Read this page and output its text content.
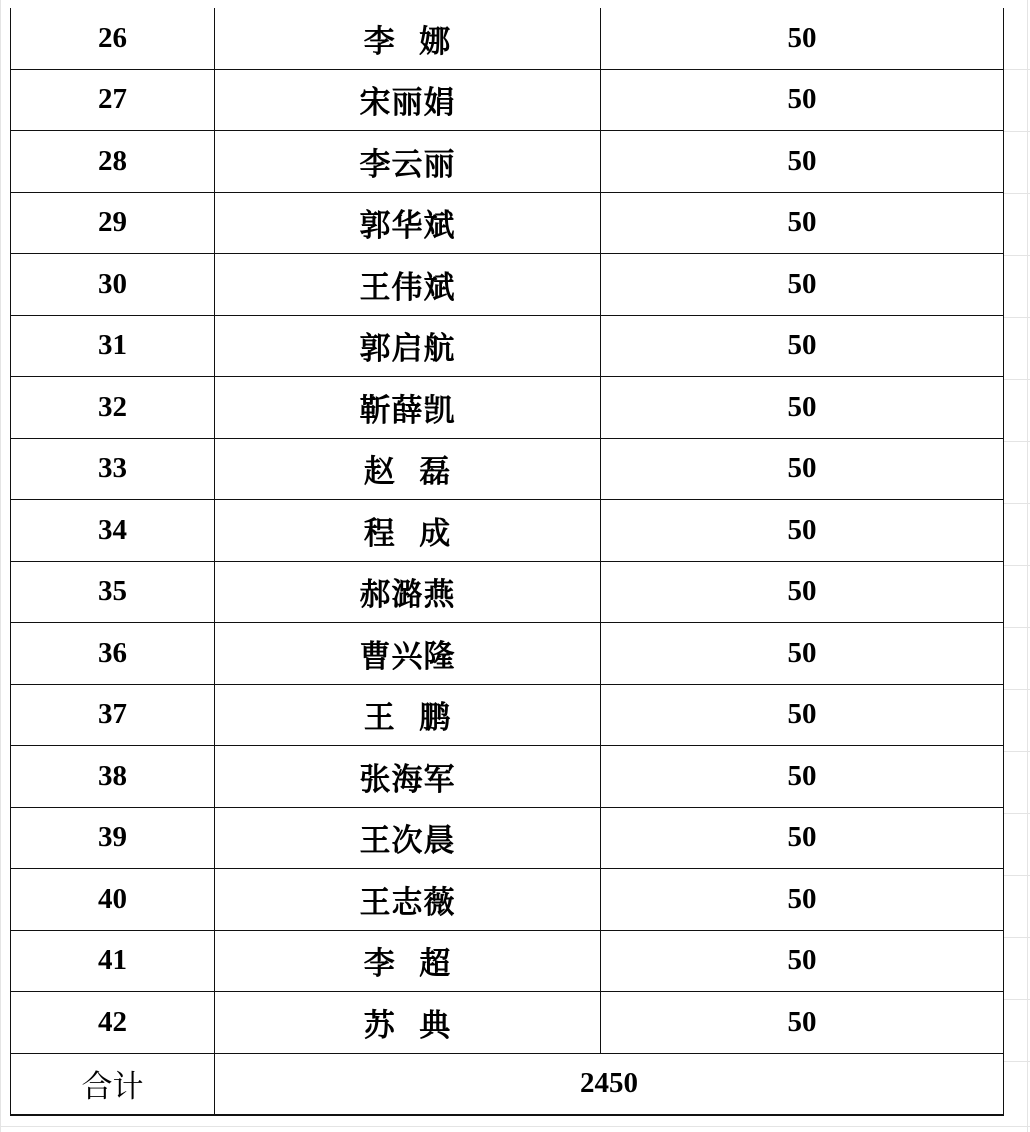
26	李  娜	50
27	宋丽娟	50
28	李云丽	50
29	郭华斌	50
30	王伟斌	50
31	郭启航	50
32	靳薛凯	50
33	赵  磊	50
34	程  成	50
35	郝潞燕	50
36	曹兴隆	50
37	王  鹏	50
38	张海军	50
39	王次晨	50
40	王志薇	50
41	李  超	50
42	苏  典	50
合计	2450	
